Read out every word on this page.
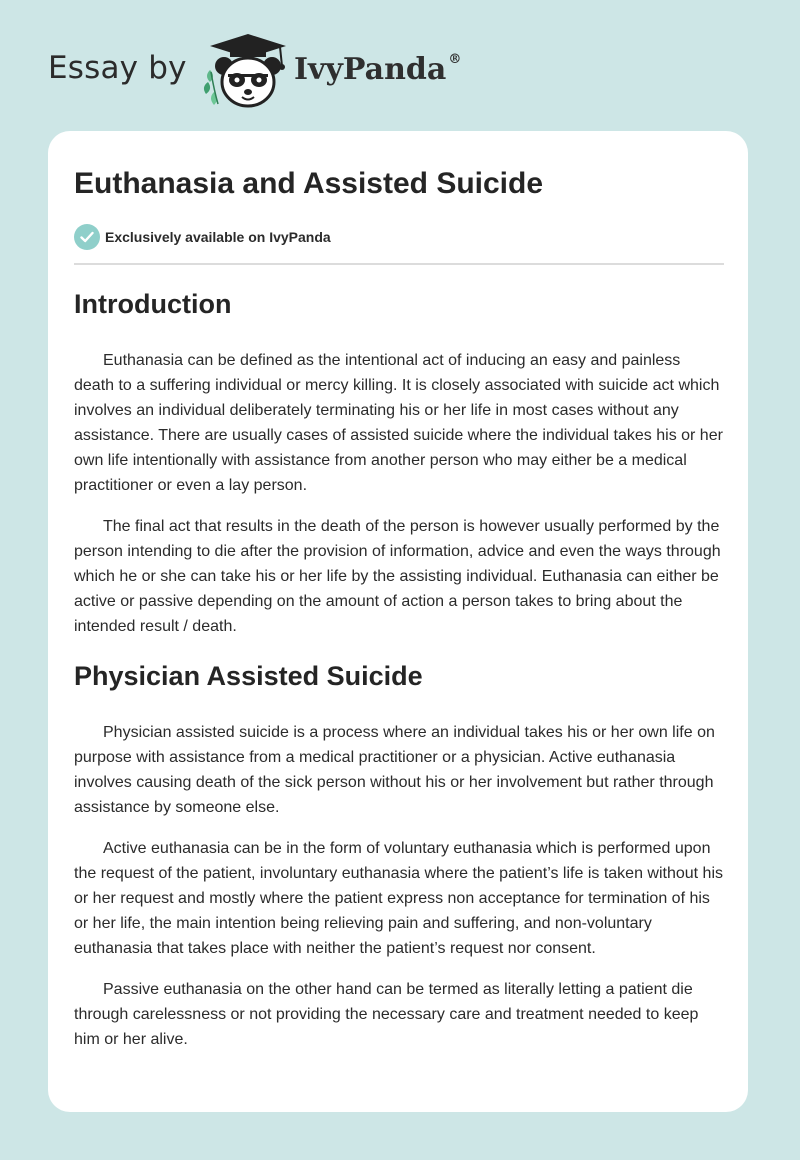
Essay by	IvyPanda ®
Euthanasia and Assisted Suicide
Exclusively available on IvyPanda
Introduction

Euthanasia can be defined as the intentional act of inducing an easy and painless death to a suffering individual or mercy killing. It is closely associated with suicide act which involves an individual deliberately terminating his or her life in most cases without any assistance. There are usually cases of assisted suicide where the individual takes his or her own life intentionally with assistance from another person who may either be a medical practitioner or even a lay person.

The final act that results in the death of the person is however usually performed by the person intending to die after the provision of information, advice and even the ways through which he or she can take his or her life by the assisting individual. Euthanasia can either be active or passive depending on the amount of action a person takes to bring about the intended result / death.

Physician Assisted Suicide

Physician assisted suicide is a process where an individual takes his or her own life on purpose with assistance from a medical practitioner or a physician. Active euthanasia involves causing death of the sick person without his or her involvement but rather through assistance by someone else.

Active euthanasia can be in the form of voluntary euthanasia which is performed upon the request of the patient, involuntary euthanasia where the patient’s life is taken without his or her request and mostly where the patient express non acceptance for termination of his or her life, the main intention being relieving pain and suffering, and non-voluntary euthanasia that takes place with neither the patient’s request nor consent.

Passive euthanasia on the other hand can be termed as literally letting a patient die through carelessness or not providing the necessary care and treatment needed to keep him or her alive.
